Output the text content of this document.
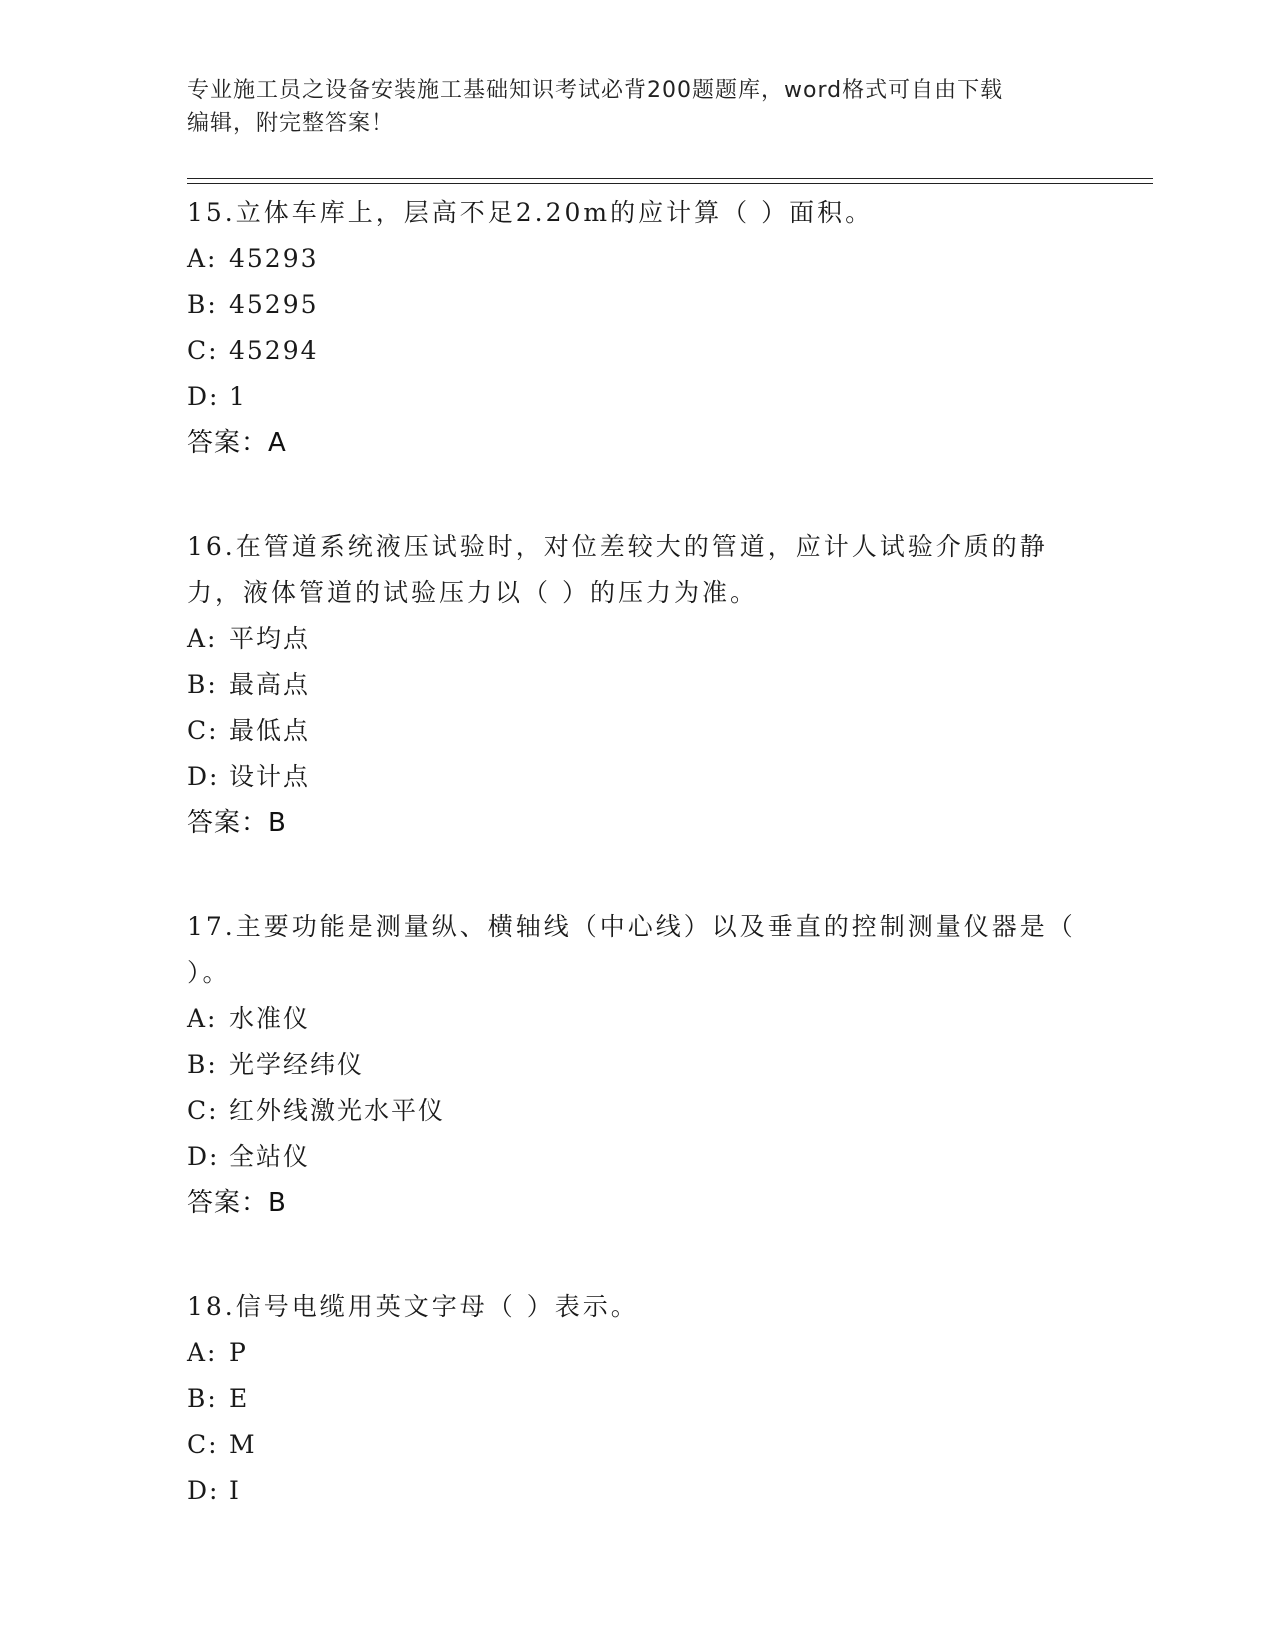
专业施工员之设备安装施工基础知识考试必背200题题库，word格式可自由下载
编辑，附完整答案！

15.立体车库上，层高不足2.20m的应计算（ ）面积。

A: 45293

B: 45295

C: 45294

D: 1

答案：A

16.在管道系统液压试验时，对位差较大的管道，应计人试验介质的静力，液体管道的试验压力以（ ）的压力为准。

A: 平均点

B: 最高点

C: 最低点

D: 设计点

答案：B

17.主要功能是测量纵、横轴线（中心线）以及垂直的控制测量仪器是（ ）。

A: 水准仪

B: 光学经纬仪

C: 红外线激光水平仪

D: 全站仪

答案：B

18.信号电缆用英文字母（ ）表示。

A: P

B: E

C: M

D: I
